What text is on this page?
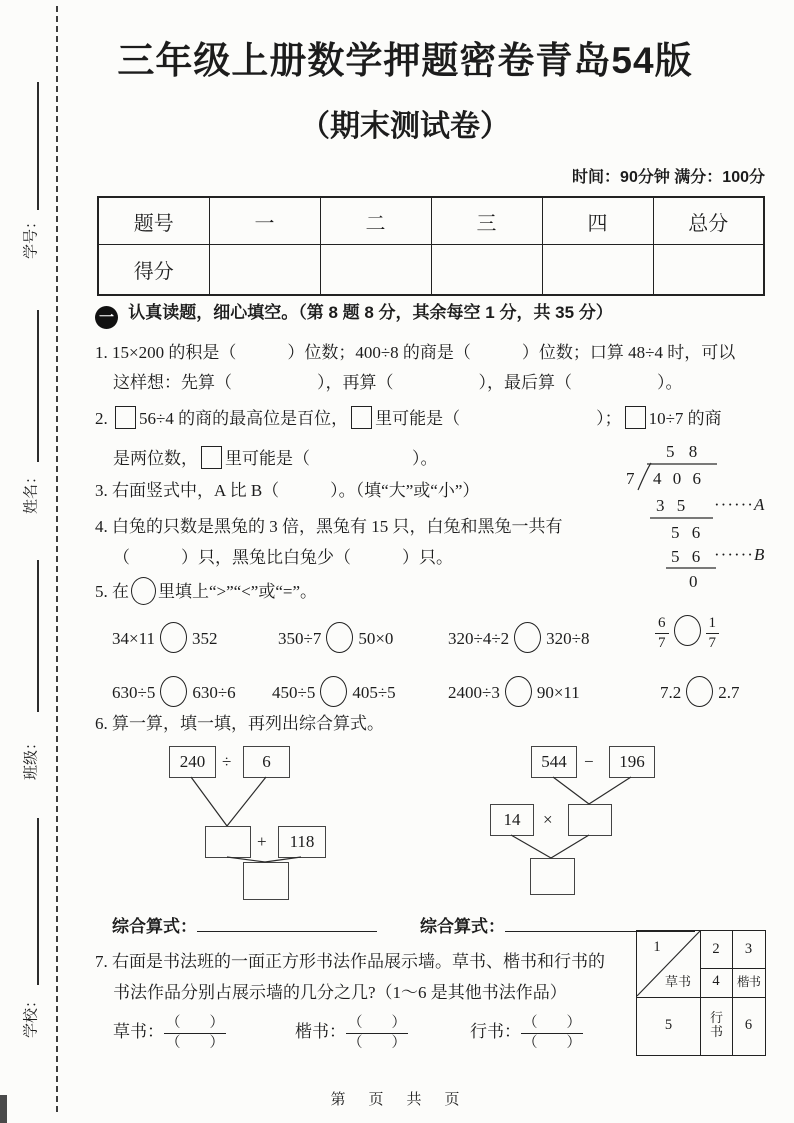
学号：
姓名：
班级：
学校：
三年级上册数学押题密卷青岛54版
（期末测试卷）
时间：90分钟 满分：100分
题号	一	二	三	四	总分
得分					
一 认真读题，细心填空。（第 8 题 8 分，其余每空 1 分，共 35 分）
1. 15×200 的积是（　　　）位数；400÷8 的商是（　　　）位数；口算 48÷4 时，可以
这样想：先算（　　　　　），再算（　　　　　），最后算（　　　　　）。
2. 56÷4 的商的最高位是百位， 里可能是（　　　　　　　　）； 10÷7 的商
是两位数， 里可能是（　　　　　　）。
3. 右面竖式中，A 比 B（　　　）。（填“大”或“小”）
5 8
7 4 0 6
3 5 ······A
5 6
5 6 ······B
0
4. 白兔的只数是黑兔的 3 倍，黑兔有 15 只，白兔和黑兔一共有
（　　　）只，黑兔比白兔少（　　　）只。
5. 在 里填上“>”“<”或“=”。
34×11 352	350÷7 50×0	320÷4÷2 320÷8	$\frac{6}{7} \frac{1}{7}$
630÷5 630÷6 450÷5 405÷5	2400÷3 90×11	7.2 2.7
6. 算一算，填一填，再列出综合算式。
240 ÷	6
+	118
544	−	196
14	×
综合算式：	综合算式：
7. 右面是书法班的一面正方形书法作品展示墙。草书、楷书和行书的
书法作品分别占展示墙的几分之几?（1～6 是其他书法作品）
草书： （　　）
（　　）
楷书： （　　）
（　　）
行书： （　　）
（　　）
1
草书
2	3
4	楷书
5	行书	6
第　页　共　页
